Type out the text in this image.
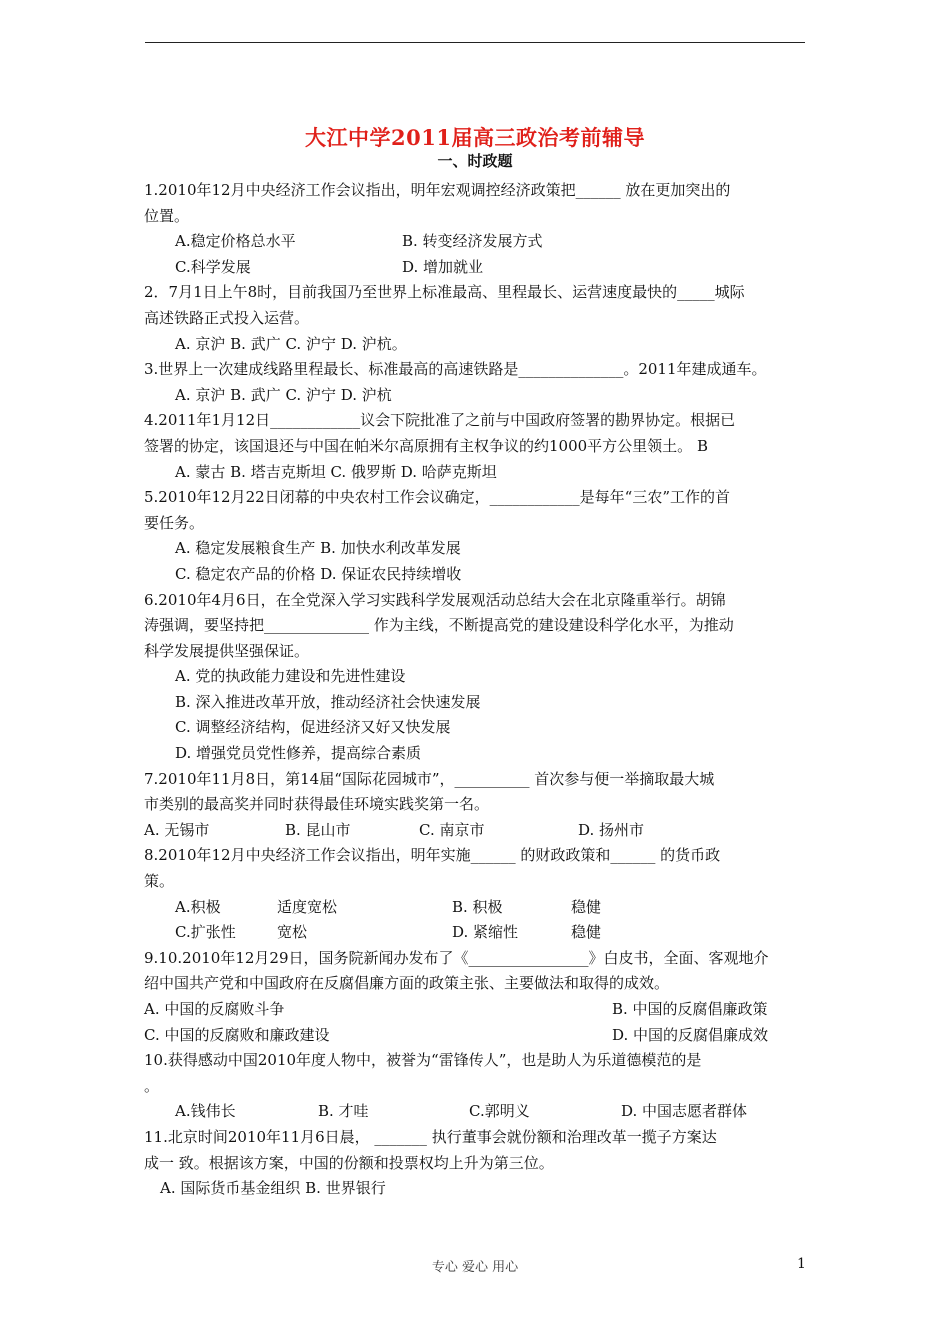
大江中学2011届高三政治考前辅导
一、时政题
1.2010年12月中央经济工作会议指出，明年宏观调控经济政策把______ 放在更加突出的
位置。
A.稳定价格总水平	B. 转变经济发展方式
C.科学发展	D. 增加就业
2．7月1日上午8时，目前我国乃至世界上标准最高、里程最长、运营速度最快的_____城际
高述铁路正式投入运营。
A. 京沪 B. 武广 C. 沪宁 D. 沪杭。
3.世界上一次建成线路里程最长、标准最高的高速铁路是______________。2011年建成通车。
A. 京沪 B. 武广 C. 沪宁 D. 沪杭
4.2011年1月12日____________议会下院批准了之前与中国政府签署的勘界协定。根据已
签署的协定，该国退还与中国在帕米尔高原拥有主权争议的约1000平方公里领土。 B
A. 蒙古 B. 塔吉克斯坦 C. 俄罗斯 D. 哈萨克斯坦
5.2010年12月22日闭幕的中央农村工作会议确定，____________是每年“三农”工作的首
要任务。
A. 稳定发展粮食生产 B. 加快水利改革发展
C. 稳定农产品的价格 D. 保证农民持续增收
6.2010年4月6日，在全党深入学习实践科学发展观活动总结大会在北京隆重举行。胡锦
涛强调，要坚持把______________ 作为主线，不断提高党的建设建设科学化水平，为推动
科学发展提供坚强保证。
A. 党的执政能力建设和先进性建设
B. 深入推进改革开放，推动经济社会快速发展
C. 调整经济结构，促进经济又好又快发展
D. 增强党员党性修养，提高综合素质
7.2010年11月8日，第14届“国际花园城市”，__________ 首次参与便一举摘取最大城
市类别的最高奖并同时获得最佳环境实践奖第一名。
A. 无锡市	B. 昆山市	C. 南京市	D. 扬州市
8.2010年12月中央经济工作会议指出，明年实施______ 的财政政策和______ 的货币政
策。
A.积极	适度宽松	B. 积极	稳健
C.扩张性	宽松	D. 紧缩性	稳健
9.10.2010年12月29日，国务院新闻办发布了《________________》白皮书，全面、客观地介
绍中国共产党和中国政府在反腐倡廉方面的政策主张、主要做法和取得的成效。
A. 中国的反腐败斗争	B. 中国的反腐倡廉政策
C. 中国的反腐败和廉政建设	D. 中国的反腐倡廉成效
10.获得感动中国2010年度人物中，被誉为“雷锋传人”，也是助人为乐道德模范的是
。
A.钱伟长	B. 才哇	C.郭明义	D. 中国志愿者群体
11.北京时间2010年11月6日晨， _______ 执行董事会就份额和治理改革一揽子方案达
成一 致。根据该方案，中国的份额和投票权均上升为第三位。
A. 国际货币基金组织 B. 世界银行
专心 爱心 用心	1
